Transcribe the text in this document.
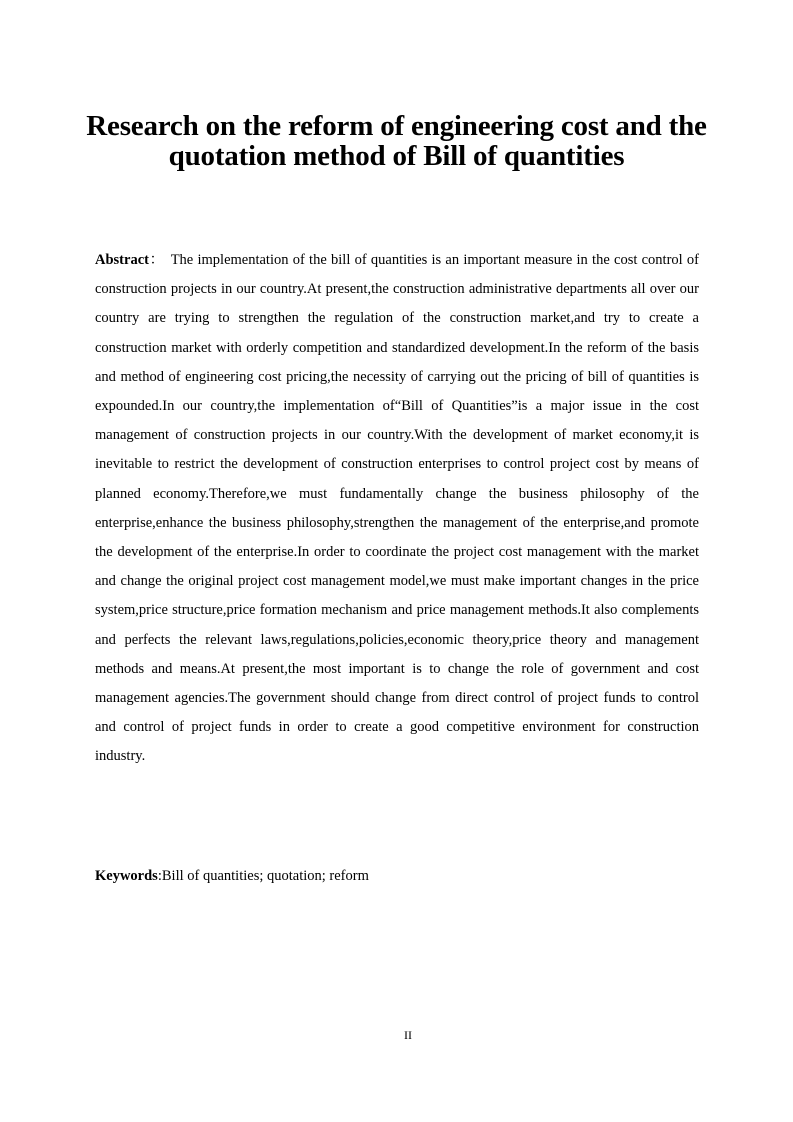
Research on the reform of engineering cost and the quotation method of Bill of quantities

Abstract： The implementation of the bill of quantities is an important measure in the cost control of construction projects in our country.At present,the construction administrative departments all over our country are trying to strengthen the regulation of the construction market,and try to create a construction market with orderly competition and standardized development.In the reform of the basis and method of engineering cost pricing,the necessity of carrying out the pricing of bill of quantities is expounded.In our country,the implementation of“Bill of Quantities”is a major issue in the cost management of construction projects in our country.With the development of market economy,it is inevitable to restrict the development of construction enterprises to control project cost by means of planned economy.Therefore,we must fundamentally change the business philosophy of the enterprise,enhance the business philosophy,strengthen the management of the enterprise,and promote the development of the enterprise.In order to coordinate the project cost management with the market and change the original project cost management model,we must make important changes in the price system,price structure,price formation mechanism and price management methods.It also complements and perfects the relevant laws,regulations,policies,economic theory,price theory and management methods and means.At present,the most important is to change the role of government and cost management agencies.The government should change from direct control of project funds to control and control of project funds in order to create a good competitive environment for construction industry.

Keywords:Bill of quantities; quotation; reform

II
